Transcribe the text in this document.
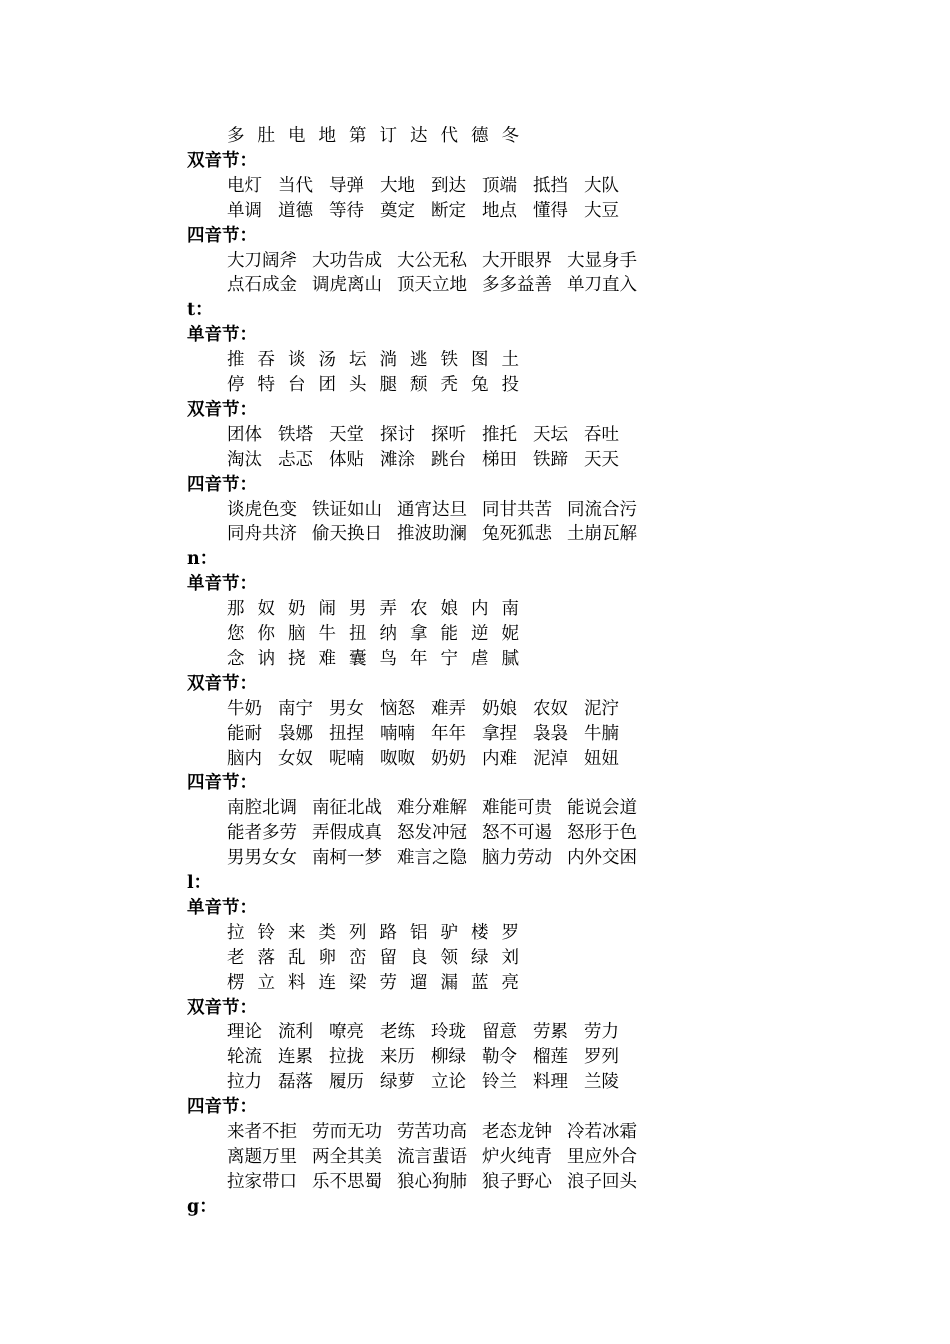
多 肚 电 地 第 订 达 代 德 冬
双音节：
电灯 当代 导弹 大地 到达 顶端 抵挡 大队
单调 道德 等待 奠定 断定 地点 懂得 大豆
四音节：
大刀阔斧 大功告成 大公无私 大开眼界 大显身手
点石成金 调虎离山 顶天立地 多多益善 单刀直入
t：
单音节：
推 吞 谈 汤 坛 淌 逃 铁 图 土
停 特 台 团 头 腿 颓 秃 兔 投
双音节：
团体 铁塔 天堂 探讨 探听 推托 天坛 吞吐
淘汰 忐忑 体贴 滩涂 跳台 梯田 铁蹄 天天
四音节：
谈虎色变 铁证如山 通宵达旦 同甘共苦 同流合污
同舟共济 偷天换日 推波助澜 兔死狐悲 土崩瓦解
n：
单音节：
那 奴 奶 闹 男 弄 农 娘 内 南
您 你 脑 牛 扭 纳 拿 能 逆 妮
念 讷 挠 难 囊 鸟 年 宁 虐 腻
双音节：
牛奶 南宁 男女 恼怒 难弄 奶娘 农奴 泥泞
能耐 袅娜 扭捏 喃喃 年年 拿捏 袅袅 牛腩
脑内 女奴 呢喃 呶呶 奶奶 内难 泥淖 妞妞
四音节：
南腔北调 南征北战 难分难解 难能可贵 能说会道
能者多劳 弄假成真 怒发冲冠 怒不可遏 怒形于色
男男女女 南柯一梦 难言之隐 脑力劳动 内外交困
l：
单音节：
拉 铃 来 类 列 路 铝 驴 楼 罗
老 落 乱 卵 峦 留 良 领 绿 刘
楞 立 料 连 梁 劳 遛 漏 蓝 亮
双音节：
理论 流利 嘹亮 老练 玲珑 留意 劳累 劳力
轮流 连累 拉拢 来历 柳绿 勒令 榴莲 罗列
拉力 磊落 履历 绿萝 立论 铃兰 料理 兰陵
四音节：
来者不拒 劳而无功 劳苦功高 老态龙钟 冷若冰霜
离题万里 两全其美 流言蜚语 炉火纯青 里应外合
拉家带口 乐不思蜀 狼心狗肺 狼子野心 浪子回头
g：
